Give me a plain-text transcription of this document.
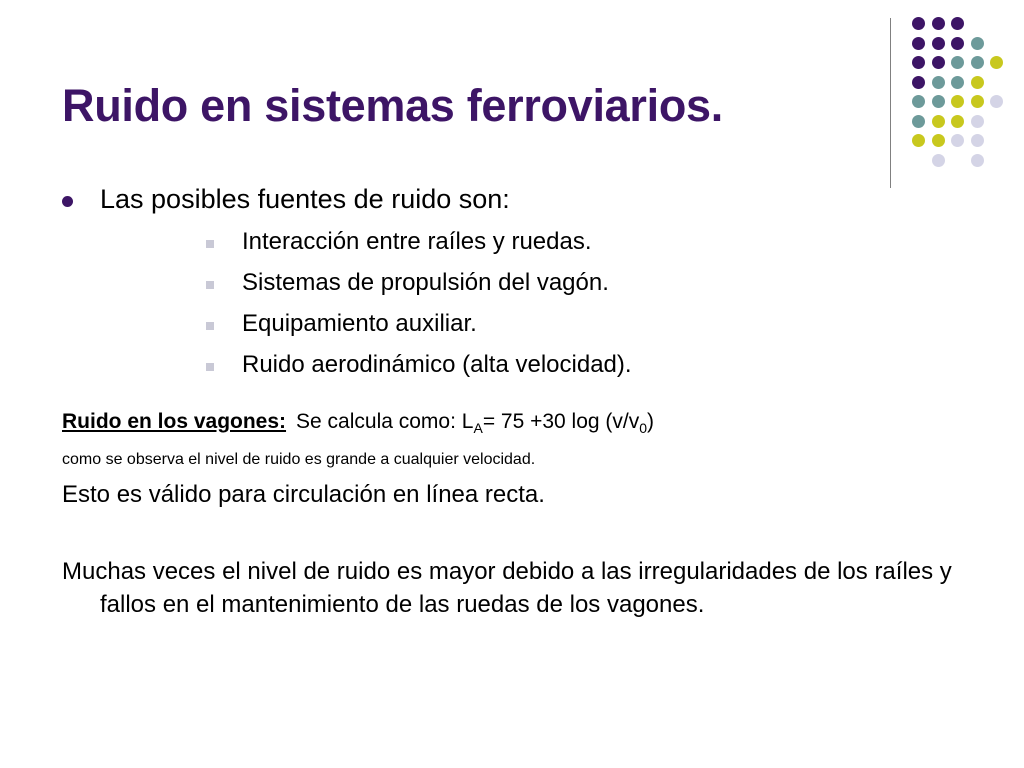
Ruido en sistemas ferroviarios.
Las posibles fuentes de ruido son:
Interacción entre raíles y ruedas.
Sistemas de propulsión del vagón.
Equipamiento auxiliar.
Ruido aerodinámico (alta velocidad).
Ruido en los vagones: Se calcula como: $L_A= 75 +30$ $\log (v/v_0)$
como se observa el nivel de ruido es grande a cualquier velocidad.
Esto es válido para circulación en línea recta.

Muchas veces el nivel de ruido es mayor debido a las irregularidades de los raíles y fallos en el mantenimiento de las ruedas de los vagones.
